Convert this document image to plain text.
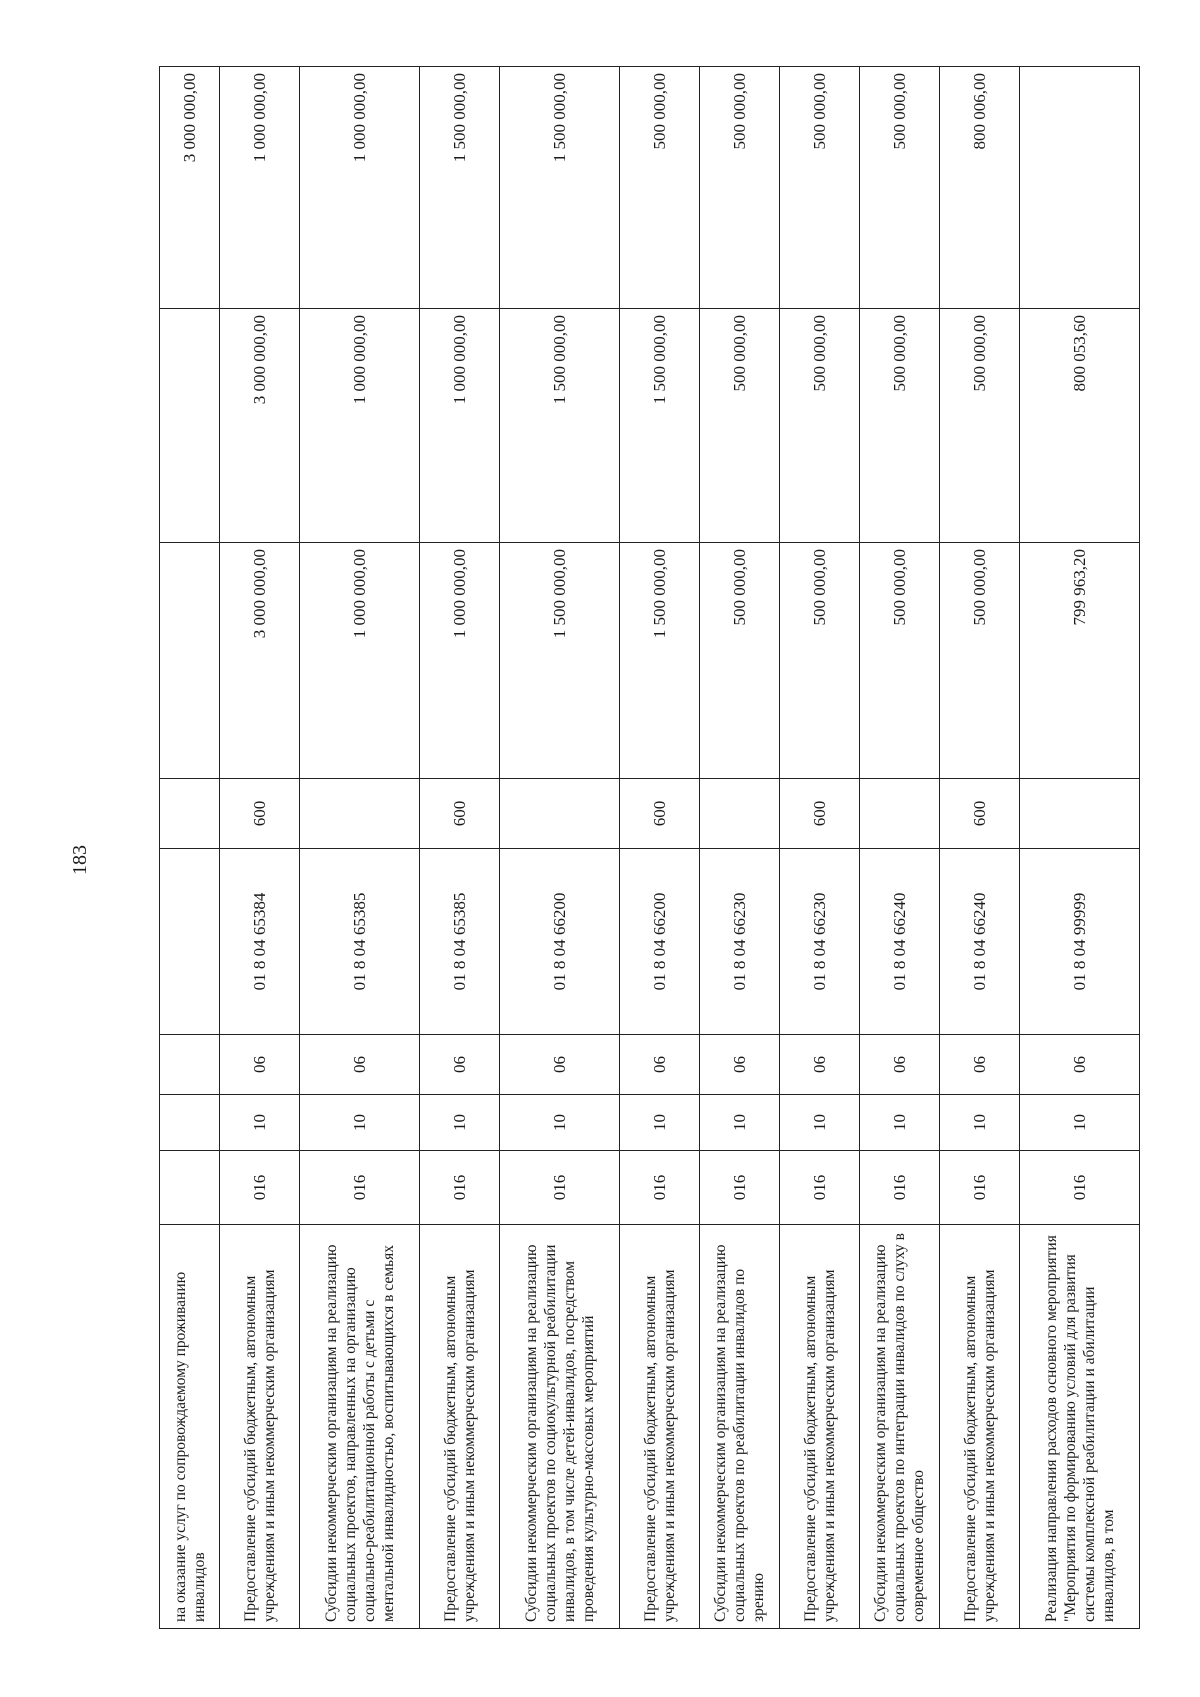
183
на оказание услуг по сопровождаемому проживанию инвалидов								3 000 000,00
Предоставление субсидий бюджетным, автономным учреждениям и иным некоммерческим организациям	016	10	06	01 8 04 65384	600	3 000 000,00	3 000 000,00	1 000 000,00
Субсидии некоммерческим организациям на реализацию социальных проектов, направленных на организацию социально-реабилитационной работы с детьми с ментальной инвалидностью, воспитывающихся в семьях	016	10	06	01 8 04 65385		1 000 000,00	1 000 000,00	1 000 000,00
Предоставление субсидий бюджетным, автономным учреждениям и иным некоммерческим организациям	016	10	06	01 8 04 65385	600	1 000 000,00	1 000 000,00	1 500 000,00
Субсидии некоммерческим организациям на реализацию социальных проектов по социокультурной реабилитации инвалидов, в том числе детей-инвалидов, посредством проведения культурно-массовых мероприятий	016	10	06	01 8 04 66200		1 500 000,00	1 500 000,00	1 500 000,00
Предоставление субсидий бюджетным, автономным учреждениям и иным некоммерческим организациям	016	10	06	01 8 04 66200	600	1 500 000,00	1 500 000,00	500 000,00
Субсидии некоммерческим организациям на реализацию социальных проектов по реабилитации инвалидов по зрению	016	10	06	01 8 04 66230		500 000,00	500 000,00	500 000,00
Предоставление субсидий бюджетным, автономным учреждениям и иным некоммерческим организациям	016	10	06	01 8 04 66230	600	500 000,00	500 000,00	500 000,00
Субсидии некоммерческим организациям на реализацию социальных проектов по интеграции инвалидов по слуху в современное общество	016	10	06	01 8 04 66240		500 000,00	500 000,00	500 000,00
Предоставление субсидий бюджетным, автономным учреждениям и иным некоммерческим организациям	016	10	06	01 8 04 66240	600	500 000,00	500 000,00	800 006,00
Реализация направления расходов основного мероприятия "Мероприятия по формированию условий для развития системы комплексной реабилитации и абилитации инвалидов, в том	016	10	06	01 8 04 99999		799 963,20	800 053,60	
